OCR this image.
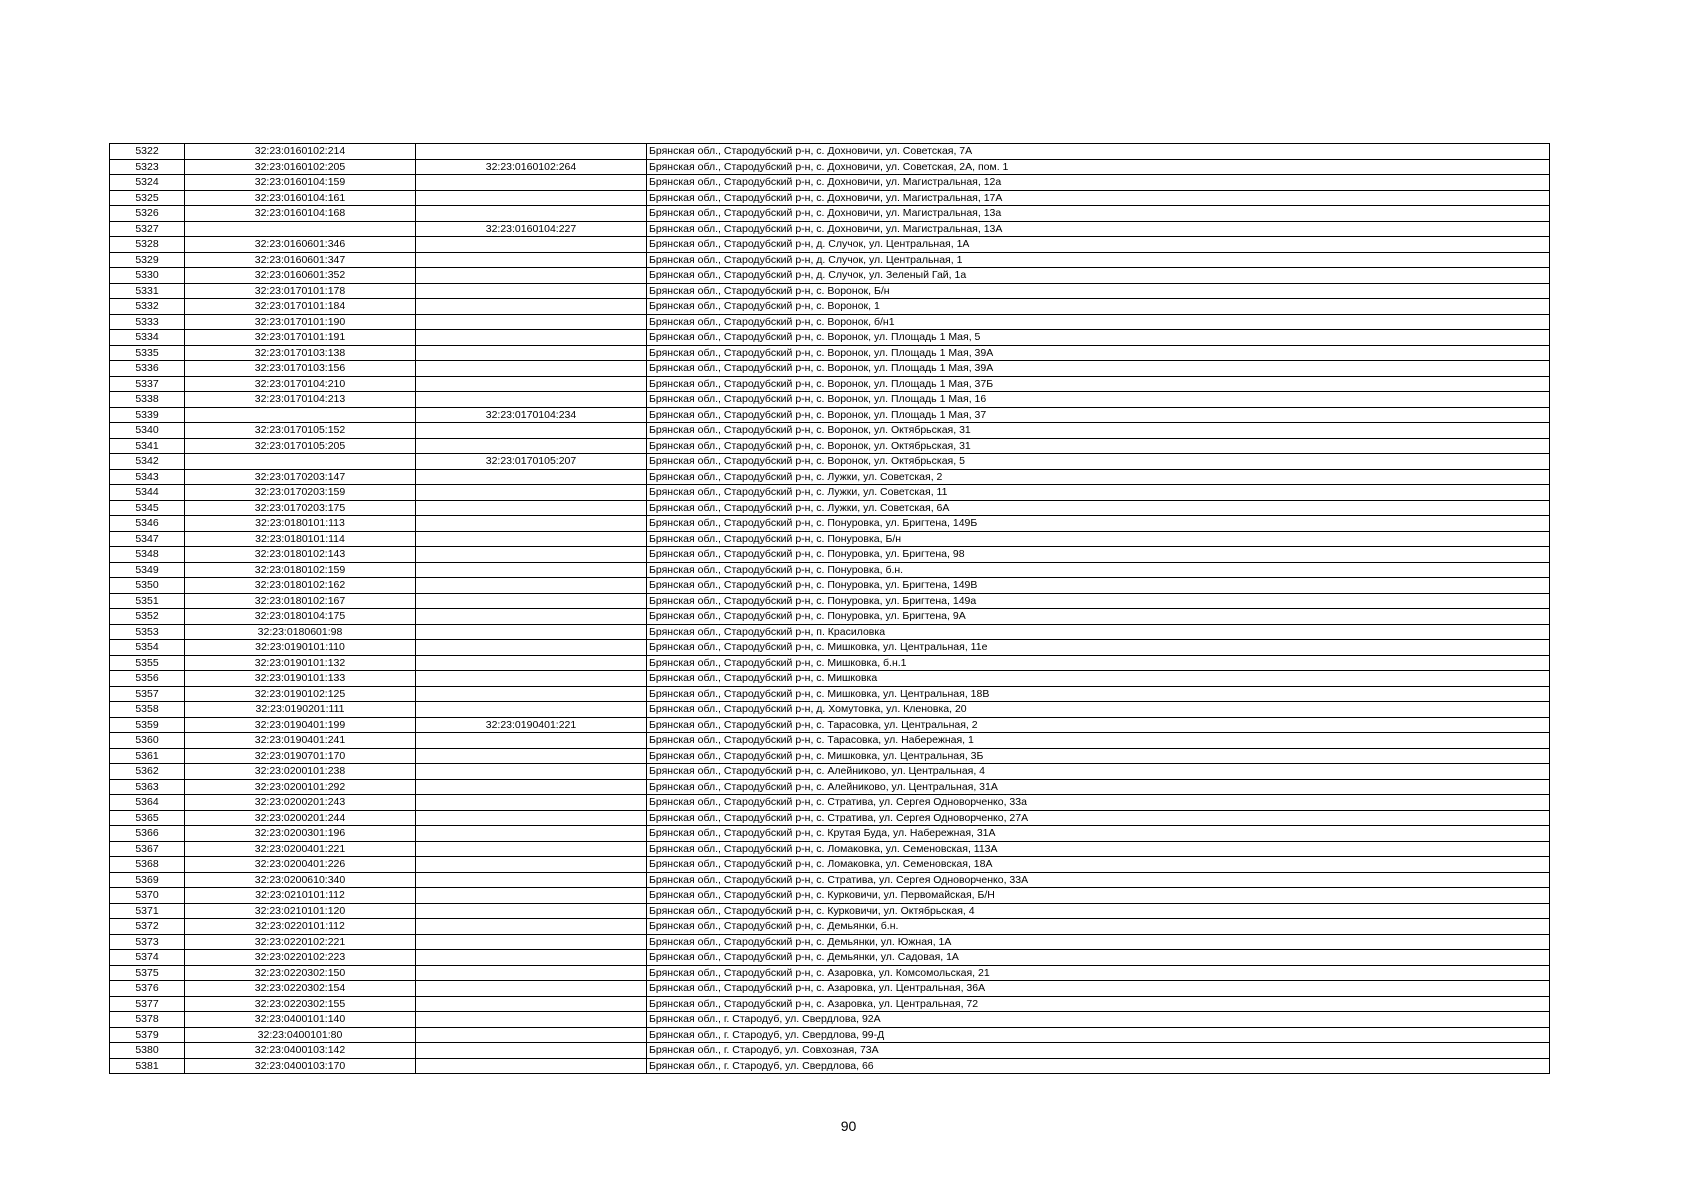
5322	32:23:0160102:214		Брянская обл., Стародубский р-н, с. Дохновичи, ул. Советская, 7А
5323	32:23:0160102:205	32:23:0160102:264	Брянская обл., Стародубский р-н, с. Дохновичи, ул. Советская, 2А, пом. 1
5324	32:23:0160104:159		Брянская обл., Стародубский р-н, с. Дохновичи, ул. Магистральная, 12а
5325	32:23:0160104:161		Брянская обл., Стародубский р-н, с. Дохновичи, ул. Магистральная, 17А
5326	32:23:0160104:168		Брянская обл., Стародубский р-н, с. Дохновичи, ул. Магистральная, 13а
5327		32:23:0160104:227	Брянская обл., Стародубский р-н, с. Дохновичи, ул. Магистральная, 13А
5328	32:23:0160601:346		Брянская обл., Стародубский р-н, д. Случок, ул. Центральная, 1А
5329	32:23:0160601:347		Брянская обл., Стародубский р-н, д. Случок, ул. Центральная, 1
5330	32:23:0160601:352		Брянская обл., Стародубский р-н, д. Случок, ул. Зеленый Гай, 1а
5331	32:23:0170101:178		Брянская обл., Стародубский р-н, с. Воронок, Б/н
5332	32:23:0170101:184		Брянская обл., Стародубский р-н, с. Воронок, 1
5333	32:23:0170101:190		Брянская обл., Стародубский р-н, с. Воронок, б/н1
5334	32:23:0170101:191		Брянская обл., Стародубский р-н, с. Воронок, ул. Площадь 1 Мая, 5
5335	32:23:0170103:138		Брянская обл., Стародубский р-н, с. Воронок, ул. Площадь 1 Мая, 39А
5336	32:23:0170103:156		Брянская обл., Стародубский р-н, с. Воронок, ул. Площадь 1 Мая, 39А
5337	32:23:0170104:210		Брянская обл., Стародубский р-н, с. Воронок, ул. Площадь 1 Мая, 37Б
5338	32:23:0170104:213		Брянская обл., Стародубский р-н, с. Воронок, ул. Площадь 1 Мая, 16
5339		32:23:0170104:234	Брянская обл., Стародубский р-н, с. Воронок, ул. Площадь 1 Мая, 37
5340	32:23:0170105:152		Брянская обл., Стародубский р-н, с. Воронок, ул. Октябрьская, 31
5341	32:23:0170105:205		Брянская обл., Стародубский р-н, с. Воронок, ул. Октябрьская, 31
5342		32:23:0170105:207	Брянская обл., Стародубский р-н, с. Воронок, ул. Октябрьская, 5
5343	32:23:0170203:147		Брянская обл., Стародубский р-н, с. Лужки, ул. Советская, 2
5344	32:23:0170203:159		Брянская обл., Стародубский р-н, с. Лужки, ул. Советская, 11
5345	32:23:0170203:175		Брянская обл., Стародубский р-н, с. Лужки, ул. Советская, 6А
5346	32:23:0180101:113		Брянская обл., Стародубский р-н, с. Понуровка, ул. Бригтена, 149Б
5347	32:23:0180101:114		Брянская обл., Стародубский р-н, с. Понуровка, Б/н
5348	32:23:0180102:143		Брянская обл., Стародубский р-н, с. Понуровка, ул. Бригтена, 98
5349	32:23:0180102:159		Брянская обл., Стародубский р-н, с. Понуровка, б.н.
5350	32:23:0180102:162		Брянская обл., Стародубский р-н, с. Понуровка, ул. Бригтена, 149В
5351	32:23:0180102:167		Брянская обл., Стародубский р-н, с. Понуровка, ул. Бригтена, 149а
5352	32:23:0180104:175		Брянская обл., Стародубский р-н, с. Понуровка, ул. Бригтена, 9А
5353	32:23:0180601:98		Брянская обл., Стародубский р-н, п. Красиловка
5354	32:23:0190101:110		Брянская обл., Стародубский р-н, с. Мишковка, ул. Центральная, 11е
5355	32:23:0190101:132		Брянская обл., Стародубский р-н, с. Мишковка, б.н.1
5356	32:23:0190101:133		Брянская обл., Стародубский р-н, с. Мишковка
5357	32:23:0190102:125		Брянская обл., Стародубский р-н, с. Мишковка, ул. Центральная, 18В
5358	32:23:0190201:111		Брянская обл., Стародубский р-н, д. Хомутовка, ул. Кленовка, 20
5359	32:23:0190401:199	32:23:0190401:221	Брянская обл., Стародубский р-н, с. Тарасовка, ул. Центральная, 2
5360	32:23:0190401:241		Брянская обл., Стародубский р-н, с. Тарасовка, ул. Набережная, 1
5361	32:23:0190701:170		Брянская обл., Стародубский р-н, с. Мишковка, ул. Центральная, 3Б
5362	32:23:0200101:238		Брянская обл., Стародубский р-н, с. Алейниково, ул. Центральная, 4
5363	32:23:0200101:292		Брянская обл., Стародубский р-н, с. Алейниково, ул. Центральная, 31А
5364	32:23:0200201:243		Брянская обл., Стародубский р-н, с. Стратива, ул. Сергея Одноворченко, 33а
5365	32:23:0200201:244		Брянская обл., Стародубский р-н, с. Стратива, ул. Сергея Одноворченко, 27А
5366	32:23:0200301:196		Брянская обл., Стародубский р-н, с. Крутая Буда, ул. Набережная, 31А
5367	32:23:0200401:221		Брянская обл., Стародубский р-н, с. Ломаковка, ул. Семеновская, 113А
5368	32:23:0200401:226		Брянская обл., Стародубский р-н, с. Ломаковка, ул. Семеновская, 18А
5369	32:23:0200610:340		Брянская обл., Стародубский р-н, с. Стратива, ул. Сергея Одноворченко, 33А
5370	32:23:0210101:112		Брянская обл., Стародубский р-н, с. Курковичи, ул. Первомайская, Б/Н
5371	32:23:0210101:120		Брянская обл., Стародубский р-н, с. Курковичи, ул. Октябрьская, 4
5372	32:23:0220101:112		Брянская обл., Стародубский р-н, с. Демьянки, б.н.
5373	32:23:0220102:221		Брянская обл., Стародубский р-н, с. Демьянки, ул. Южная, 1А
5374	32:23:0220102:223		Брянская обл., Стародубский р-н, с. Демьянки, ул. Садовая, 1А
5375	32:23:0220302:150		Брянская обл., Стародубский р-н, с. Азаровка, ул. Комсомольская, 21
5376	32:23:0220302:154		Брянская обл., Стародубский р-н, с. Азаровка, ул. Центральная, 36А
5377	32:23:0220302:155		Брянская обл., Стародубский р-н, с. Азаровка, ул. Центральная, 72
5378	32:23:0400101:140		Брянская обл., г. Стародуб, ул. Свердлова, 92А
5379	32:23:0400101:80		Брянская обл., г. Стародуб, ул. Свердлова, 99-Д
5380	32:23:0400103:142		Брянская обл., г. Стародуб, ул. Совхозная, 73А
5381	32:23:0400103:170		Брянская обл., г. Стародуб, ул. Свердлова, 66
90
